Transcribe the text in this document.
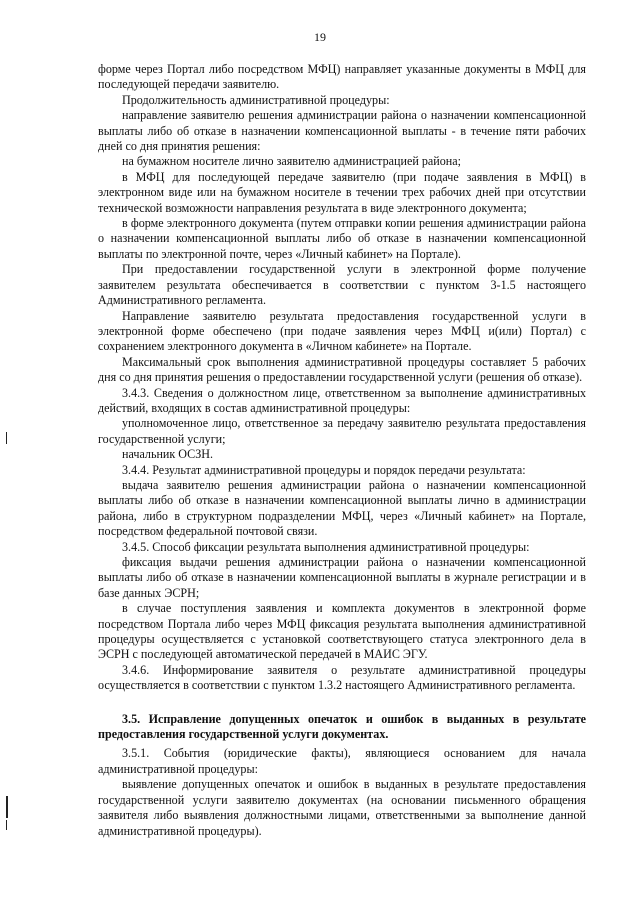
19

форме через Портал либо посредством МФЦ) направляет указанные документы в МФЦ для последующей передачи заявителю.

Продолжительность административной процедуры:

направление заявителю решения администрации района о назначении компенсационной выплаты либо об отказе в назначении компенсационной выплаты - в течение пяти рабочих дней со дня принятия решения:

на бумажном носителе лично заявителю администрацией района;

в МФЦ для последующей передаче заявителю (при подаче заявления в МФЦ) в электронном виде или на бумажном носителе в течении трех рабочих дней при отсутствии технической возможности направления результата в виде электронного документа;

в форме электронного документа (путем отправки копии решения администрации района о назначении компенсационной выплаты либо об отказе в назначении компенсационной выплаты по электронной почте, через «Личный кабинет» на Портале).

При предоставлении государственной услуги в электронной форме получение заявителем результата обеспечивается в соответствии с пунктом 3-1.5 настоящего Административного регламента.

Направление заявителю результата предоставления государственной услуги в электронной форме обеспечено (при подаче заявления через МФЦ и(или) Портал) с сохранением электронного документа в «Личном кабинете» на Портале.

Максимальный срок выполнения административной процедуры составляет 5 рабочих дня со дня принятия решения о предоставлении государственной услуги (решения об отказе).

3.4.3. Сведения о должностном лице, ответственном за выполнение административных действий, входящих в состав административной процедуры:

уполномоченное лицо, ответственное за передачу заявителю результата предоставления государственной услуги;

начальник ОСЗН.

3.4.4. Результат административной процедуры и порядок передачи результата:

выдача заявителю решения администрации района о назначении компенсационной выплаты либо об отказе в назначении компенсационной выплаты лично в администрации района, либо в структурном подразделении МФЦ, через «Личный кабинет» на Портале, посредством федеральной почтовой связи.

3.4.5. Способ фиксации результата выполнения административной процедуры:

фиксация выдачи решения администрации района о назначении компенсационной выплаты либо об отказе в назначении компенсационной выплаты в журнале регистрации и в базе данных ЭСРН;

в случае поступления заявления и комплекта документов в электронной форме посредством Портала либо через МФЦ фиксация результата выполнения административной процедуры осуществляется с установкой соответствующего статуса электронного дела в ЭСРН с последующей автоматической передачей в МАИС ЭГУ.

3.4.6. Информирование заявителя о результате административной процедуры осуществляется в соответствии с пунктом 1.3.2 настоящего Административного регламента.

3.5. Исправление допущенных опечаток и ошибок в выданных в результате предоставления государственной услуги документах.

3.5.1. События (юридические факты), являющиеся основанием для начала административной процедуры:

выявление допущенных опечаток и ошибок в выданных в результате предоставления государственной услуги заявителю документах (на основании письменного обращения заявителя либо выявления должностными лицами, ответственными за выполнение данной административной процедуры).
